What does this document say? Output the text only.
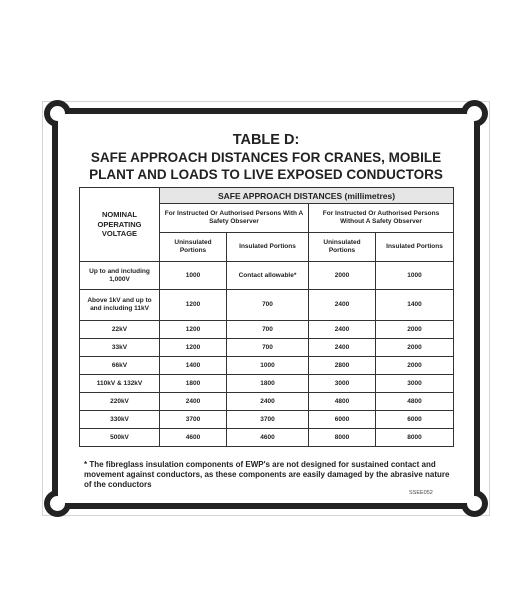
TABLE D:
SAFE APPROACH DISTANCES FOR CRANES, MOBILE
PLANT AND LOADS TO LIVE EXPOSED CONDUCTORS
NOMINAL OPERATING VOLTAGE	SAFE APPROACH DISTANCES (millimetres)			
	For Instructed Or Authorised Persons With A Safety Observer		For Instructed Or Authorised Persons Without A Safety Observer	
	Uninsulated Portions	Insulated Portions	Uninsulated Portions	Insulated Portions
Up to and including 1,000V	1000	Contact allowable*	2000	1000
Above 1kV and up to and including 11kV	1200	700	2400	1400
22kV	1200	700	2400	2000
33kV	1200	700	2400	2000
66kV	1400	1000	2800	2000
110kV & 132kV	1800	1800	3000	3000
220kV	2400	2400	4800	4800
330kV	3700	3700	6000	6000
500kV	4600	4600	8000	8000
* The fibreglass insulation components of EWP's are not designed for sustained contact and movement against conductors, as these components are easily damaged by the abrasive nature of the conductors
SSEE052
